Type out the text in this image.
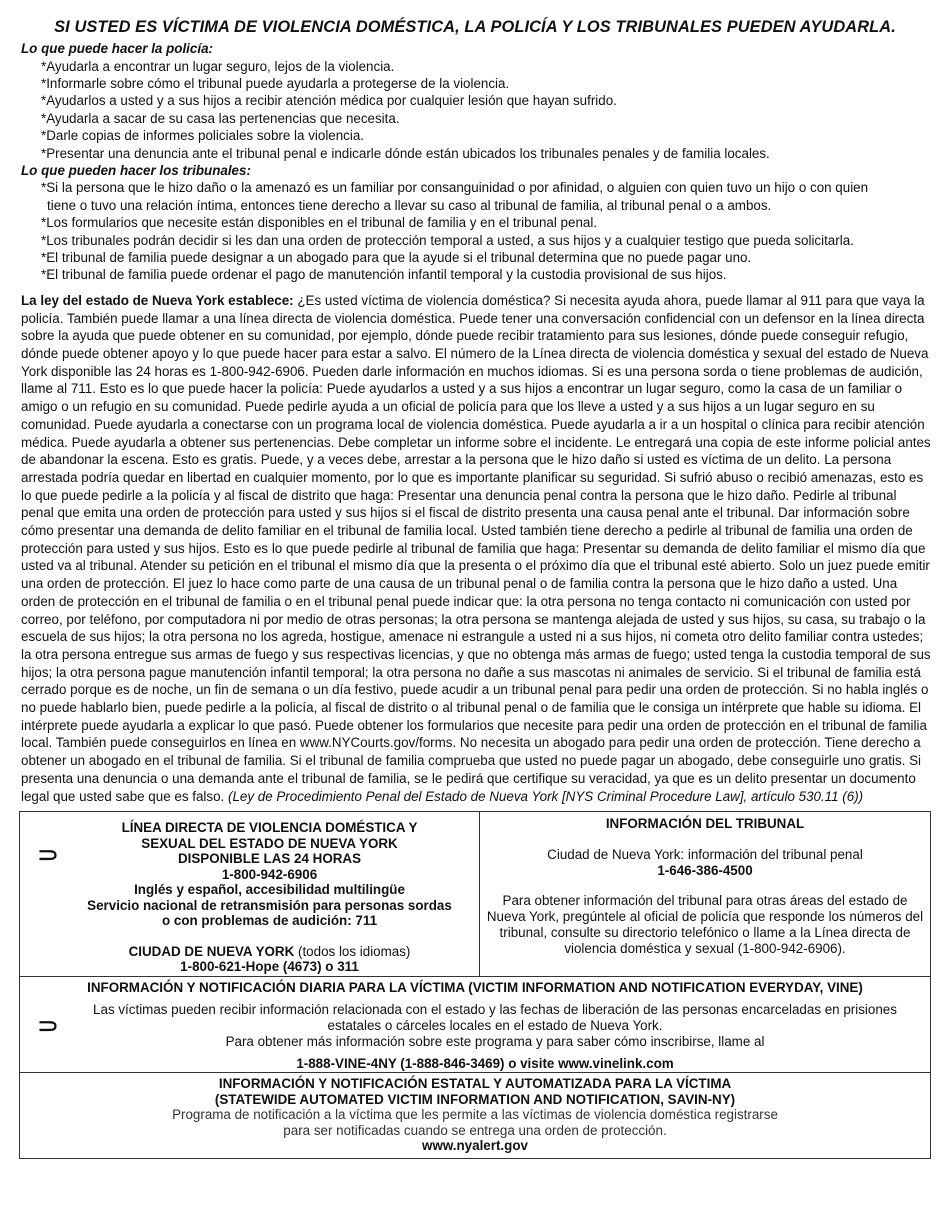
SI USTED ES VÍCTIMA DE VIOLENCIA DOMÉSTICA, LA POLICÍA Y LOS TRIBUNALES PUEDEN AYUDARLA.
Lo que puede hacer la policía:
*Ayudarla a encontrar un lugar seguro, lejos de la violencia.
*Informarle sobre cómo el tribunal puede ayudarla a protegerse de la violencia.
*Ayudarlos a usted y a sus hijos a recibir atención médica por cualquier lesión que hayan sufrido.
*Ayudarla a sacar de su casa las pertenencias que necesita.
*Darle copias de informes policiales sobre la violencia.
*Presentar una denuncia ante el tribunal penal e indicarle dónde están ubicados los tribunales penales y de familia locales.
Lo que pueden hacer los tribunales:
*Si la persona que le hizo daño o la amenazó es un familiar por consanguinidad o por afinidad, o alguien con quien tuvo un hijo o con quien
tiene o tuvo una relación íntima, entonces tiene derecho a llevar su caso al tribunal de familia, al tribunal penal o a ambos.
*Los formularios que necesite están disponibles en el tribunal de familia y en el tribunal penal.
*Los tribunales podrán decidir si les dan una orden de protección temporal a usted, a sus hijos y a cualquier testigo que pueda solicitarla.
*El tribunal de familia puede designar a un abogado para que la ayude si el tribunal determina que no puede pagar uno.
*El tribunal de familia puede ordenar el pago de manutención infantil temporal y la custodia provisional de sus hijos.

La ley del estado de Nueva York establece: ¿Es usted víctima de violencia doméstica? Si necesita ayuda ahora, puede llamar al 911 para que vaya la policía. También puede llamar a una línea directa de violencia doméstica. Puede tener una conversación confidencial con un defensor en la línea directa sobre la ayuda que puede obtener en su comunidad, por ejemplo, dónde puede recibir tratamiento para sus lesiones, dónde puede conseguir refugio, dónde puede obtener apoyo y lo que puede hacer para estar a salvo. El número de la Línea directa de violencia doméstica y sexual del estado de Nueva York disponible las 24 horas es 1-800-942-6906. Pueden darle información en muchos idiomas. Si es una persona sorda o tiene problemas de audición, llame al 711. Esto es lo que puede hacer la policía: Puede ayudarlos a usted y a sus hijos a encontrar un lugar seguro, como la casa de un familiar o amigo o un refugio en su comunidad. Puede pedirle ayuda a un oficial de policía para que los lleve a usted y a sus hijos a un lugar seguro en su comunidad. Puede ayudarla a conectarse con un programa local de violencia doméstica. Puede ayudarla a ir a un hospital o clínica para recibir atención médica. Puede ayudarla a obtener sus pertenencias. Debe completar un informe sobre el incidente. Le entregará una copia de este informe policial antes de abandonar la escena. Esto es gratis. Puede, y a veces debe, arrestar a la persona que le hizo daño si usted es víctima de un delito. La persona arrestada podría quedar en libertad en cualquier momento, por lo que es importante planificar su seguridad. Si sufrió abuso o recibió amenazas, esto es lo que puede pedirle a la policía y al fiscal de distrito que haga: Presentar una denuncia penal contra la persona que le hizo daño. Pedirle al tribunal penal que emita una orden de protección para usted y sus hijos si el fiscal de distrito presenta una causa penal ante el tribunal. Dar información sobre cómo presentar una demanda de delito familiar en el tribunal de familia local. Usted también tiene derecho a pedirle al tribunal de familia una orden de protección para usted y sus hijos. Esto es lo que puede pedirle al tribunal de familia que haga: Presentar su demanda de delito familiar el mismo día que usted va al tribunal. Atender su petición en el tribunal el mismo día que la presenta o el próximo día que el tribunal esté abierto. Solo un juez puede emitir una orden de protección. El juez lo hace como parte de una causa de un tribunal penal o de familia contra la persona que le hizo daño a usted. Una orden de protección en el tribunal de familia o en el tribunal penal puede indicar que: la otra persona no tenga contacto ni comunicación con usted por correo, por teléfono, por computadora ni por medio de otras personas; la otra persona se mantenga alejada de usted y sus hijos, su casa, su trabajo o la escuela de sus hijos; la otra persona no los agreda, hostigue, amenace ni estrangule a usted ni a sus hijos, ni cometa otro delito familiar contra ustedes; la otra persona entregue sus armas de fuego y sus respectivas licencias, y que no obtenga más armas de fuego; usted tenga la custodia temporal de sus hijos; la otra persona pague manutención infantil temporal; la otra persona no dañe a sus mascotas ni animales de servicio. Si el tribunal de familia está cerrado porque es de noche, un fin de semana o un día festivo, puede acudir a un tribunal penal para pedir una orden de protección. Si no habla inglés o no puede hablarlo bien, puede pedirle a la policía, al fiscal de distrito o al tribunal penal o de familia que le consiga un intérprete que hable su idioma. El intérprete puede ayudarla a explicar lo que pasó. Puede obtener los formularios que necesite para pedir una orden de protección en el tribunal de familia local. También puede conseguirlos en línea en www.NYCourts.gov/forms. No necesita un abogado para pedir una orden de protección. Tiene derecho a obtener un abogado en el tribunal de familia. Si el tribunal de familia comprueba que usted no puede pagar un abogado, debe conseguirle uno gratis. Si presenta una denuncia o una demanda ante el tribunal de familia, se le pedirá que certifique su veracidad, ya que es un delito presentar un documento legal que usted sabe que es falso. (Ley de Procedimiento Penal del Estado de Nueva York [NYS Criminal Procedure Law], artículo 530.11 (6))

⸧
LÍNEA DIRECTA DE VIOLENCIA DOMÉSTICA Y
SEXUAL DEL ESTADO DE NUEVA YORK
DISPONIBLE LAS 24 HORAS
1-800-942-6906
Inglés y español, accesibilidad multilingüe
Servicio nacional de retransmisión para personas sordas
o con problemas de audición: 711
CIUDAD DE NUEVA YORK (todos los idiomas)
1-800-621-Hope (4673) o 311
INFORMACIÓN DEL TRIBUNAL
Ciudad de Nueva York: información del tribunal penal
1-646-386-4500
Para obtener información del tribunal para otras áreas del estado de Nueva York, pregúntele al oficial de policía que responde los números del tribunal, consulte su directorio telefónico o llame a la Línea directa de violencia doméstica y sexual (1-800-942-6906).
INFORMACIÓN Y NOTIFICACIÓN DIARIA PARA LA VÍCTIMA (VICTIM INFORMATION AND NOTIFICATION EVERYDAY, VINE)
⸧
Las víctimas pueden recibir información relacionada con el estado y las fechas de liberación de las personas encarceladas en prisiones estatales o cárceles locales en el estado de Nueva York.
Para obtener más información sobre este programa y para saber cómo inscribirse, llame al
1-888-VINE-4NY (1-888-846-3469) o visite www.vinelink.com
INFORMACIÓN Y NOTIFICACIÓN ESTATAL Y AUTOMATIZADA PARA LA VÍCTIMA
(STATEWIDE AUTOMATED VICTIM INFORMATION AND NOTIFICATION, SAVIN-NY)
Programa de notificación a la víctima que les permite a las víctimas de violencia doméstica registrarse
para ser notificadas cuando se entrega una orden de protección.
www.nyalert.gov
